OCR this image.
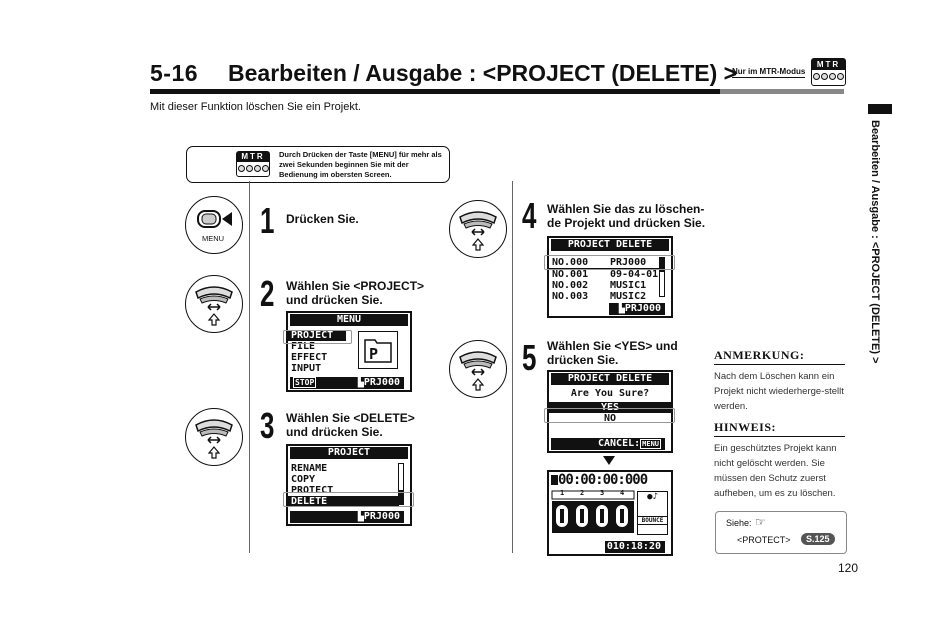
5-16 Bearbeiten / Ausgabe : <PROJECT (DELETE) >
Nur im MTR-Modus
MTR
Mit dieser Funktion löschen Sie ein Projekt.
Bearbeiten / Ausgabe : <PROJECT (DELETE) >
MTR	Durch Drücken der Taste [MENU] für mehr als zwei Sekunden beginnen Sie mit der Bedienung im obersten Screen.
MENU 1 Drücken Sie.
2 Wählen Sie <PROJECT>
und drücken Sie.
MENU
PROJECT
FILE
EFFECT
INPUT
P
STOP	▙PRJ000
3 Wählen Sie <DELETE>
und drücken Sie.
PROJECT
RENAME
COPY
PROTECT
DELETE
▙PRJ000
4 Wählen Sie das zu löschen-
de Projekt und drücken Sie.
PROJECT DELETE
NO.000 PRJ000
NO.001 09-04-01
NO.002 MUSIC1
NO.003 MUSIC2
▙PRJ000
5 Wählen Sie <YES> und
drücken Sie.
PROJECT DELETE
Are You Sure?
YES
NO
CANCEL: MENU
00:00:00:000
1 2 3 4	●♪
BOUNCE
010:18:20
ANMERKUNG:
Nach dem Löschen kann ein Projekt nicht wiederherge-stellt werden.
HINWEIS:
Ein geschütztes Projekt kann nicht gelöscht werden. Sie müssen den Schutz zuerst aufheben, um es zu löschen.
Siehe: ☞
<PROTECT>	S.125
120
